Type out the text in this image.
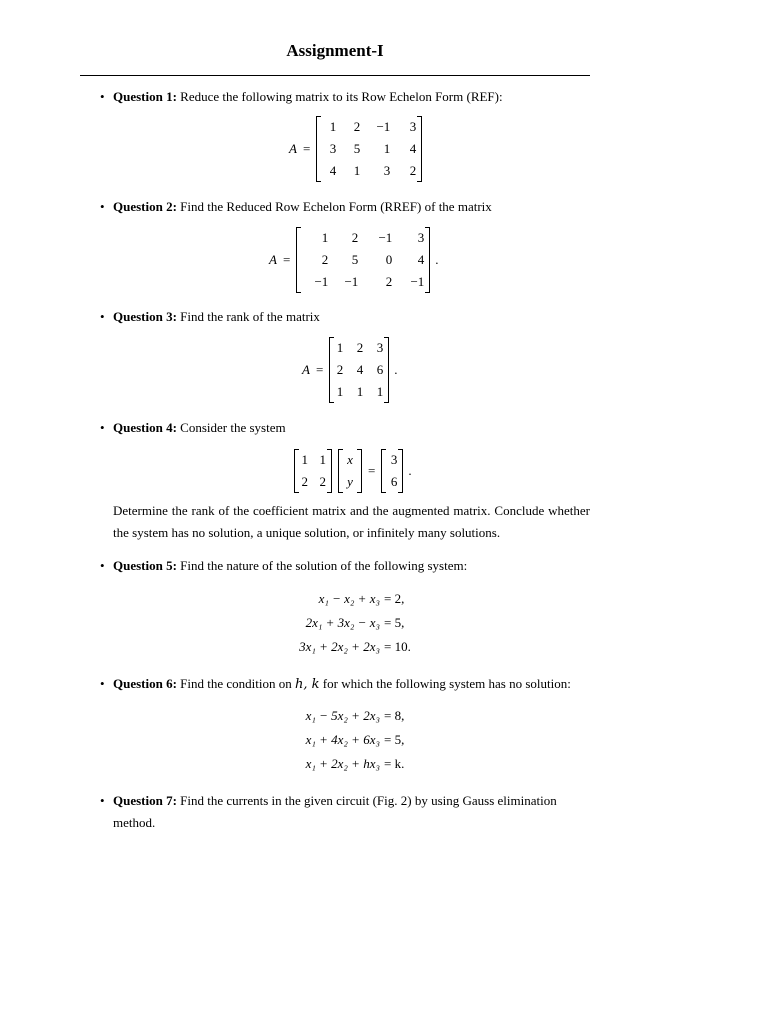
Assignment-I
• Question 1: Reduce the following matrix to its Row Echelon Form (REF):
A =
1	2	−1	3
3	5	1	4
4	1	3	2
• Question 2: Find the Reduced Row Echelon Form (RREF) of the matrix
A =
1	2	−1	3
2	5	0	4
−1	−1	2	−1
.
• Question 3: Find the rank of the matrix
A =
1	2	3
2	4	6
1	1	1
.
• Question 4: Consider the system
1 1
2 2
x
y
=
3
6
.
Determine the rank of the coefficient matrix and the augmented matrix. Conclude whether the system has no solution, a unique solution, or infinitely many solutions.
• Question 5: Find the nature of the solution of the following system:
x₁ − x₂ + x₃ = 2,
2x₁ + 3x₂ − x₃ = 5,
3x₁ + 2x₂ + 2x₃ = 10.
• Question 6: Find the condition on h, k for which the following system has no solution:
x₁ − 5x₂ + 2x₃ = 8,
x₁ + 4x₂ + 6x₃ = 5,
x₁ + 2x₂ + hx₃ = k.
• Question 7: Find the currents in the given circuit (Fig. 2) by using Gauss elimination method.
